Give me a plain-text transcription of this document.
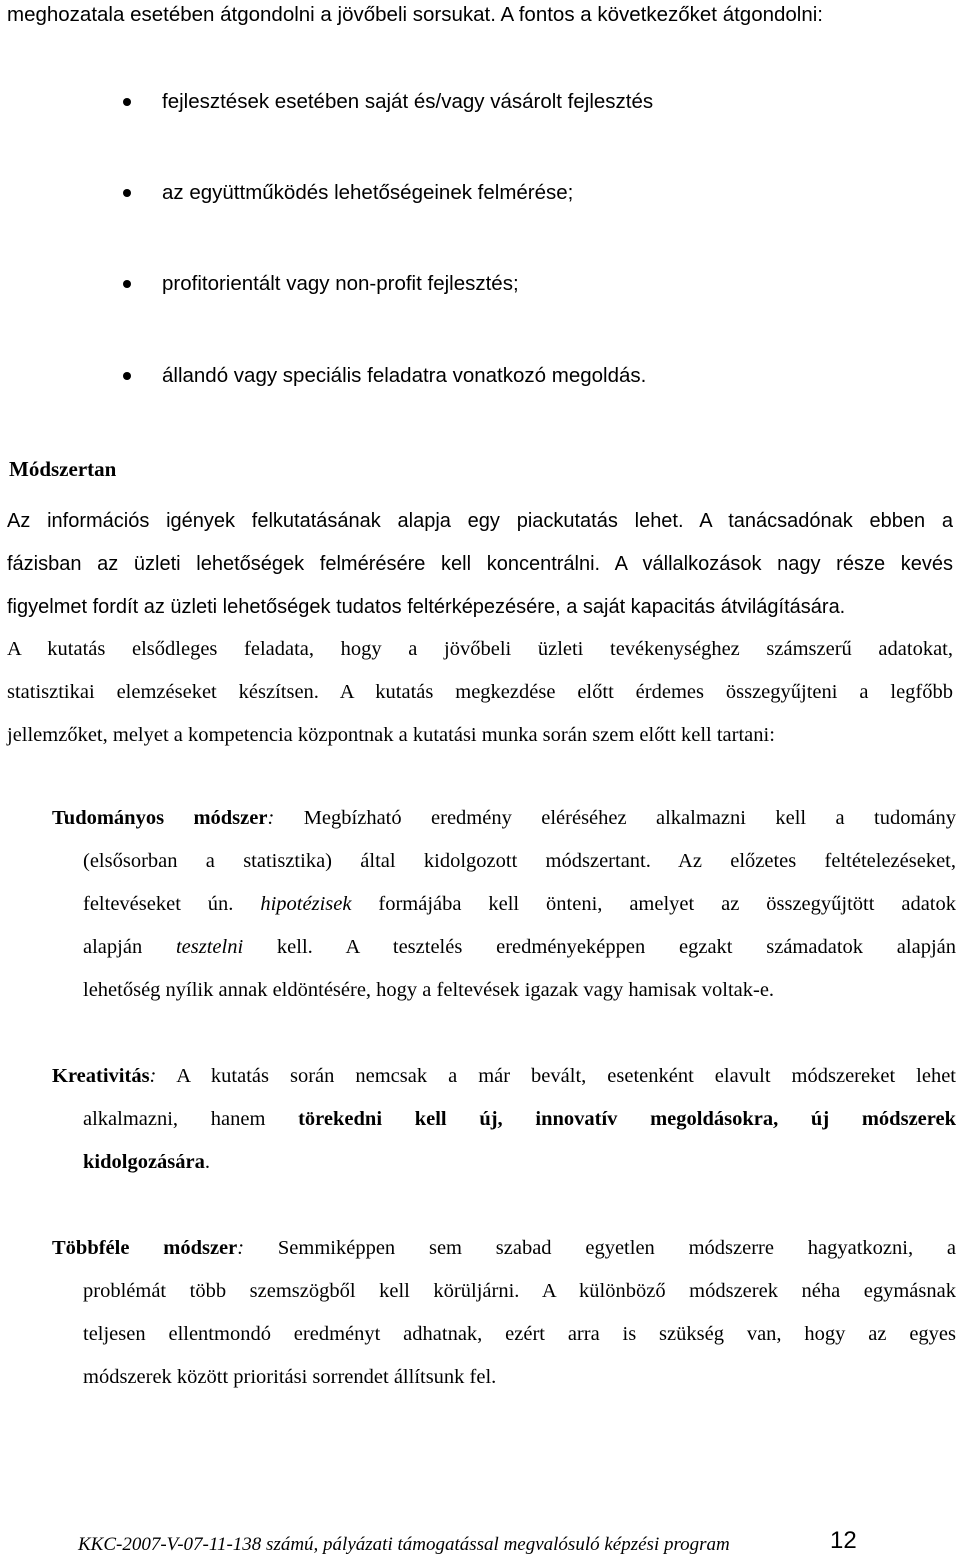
meghozatala esetében átgondolni a jövőbeli sorsukat. A fontos a következőket átgondolni:
fejlesztések esetében saját és/vagy vásárolt fejlesztés
az együttműködés lehetőségeinek felmérése;
profitorientált vagy non-profit fejlesztés;
állandó vagy speciális feladatra vonatkozó megoldás.
Módszertan
Az információs igények felkutatásának alapja egy piackutatás lehet. A tanácsadónak ebben a
fázisban az üzleti lehetőségek felmérésére kell koncentrálni. A vállalkozások nagy része kevés
figyelmet fordít az üzleti lehetőségek tudatos feltérképezésére, a saját kapacitás átvilágítására.
A kutatás elsődleges feladata, hogy a jövőbeli üzleti tevékenységhez számszerű adatokat,
statisztikai elemzéseket készítsen. A kutatás megkezdése előtt érdemes összegyűjteni a legfőbb
jellemzőket, melyet a kompetencia központnak a kutatási munka során szem előtt kell tartani:
Tudományos módszer: Megbízható eredmény eléréséhez alkalmazni kell a tudomány
(elsősorban a statisztika) által kidolgozott módszertant. Az előzetes feltételezéseket,
feltevéseket ún. hipotézisek formájába kell önteni, amelyet az összegyűjtött adatok
alapján tesztelni kell. A tesztelés eredményeképpen egzakt számadatok alapján
lehetőség nyílik annak eldöntésére, hogy a feltevések igazak vagy hamisak voltak-e.
Kreativitás: A kutatás során nemcsak a már bevált, esetenként elavult módszereket lehet
alkalmazni, hanem törekedni kell új, innovatív megoldásokra, új módszerek
kidolgozására.
Többféle módszer: Semmiképpen sem szabad egyetlen módszerre hagyatkozni, a
problémát több szemszögből kell körüljárni. A különböző módszerek néha egymásnak
teljesen ellentmondó eredményt adhatnak, ezért arra is szükség van, hogy az egyes
módszerek között prioritási sorrendet állítsunk fel.
KKC-2007-V-07-11-138 számú, pályázati támogatással megvalósuló képzési program	12
